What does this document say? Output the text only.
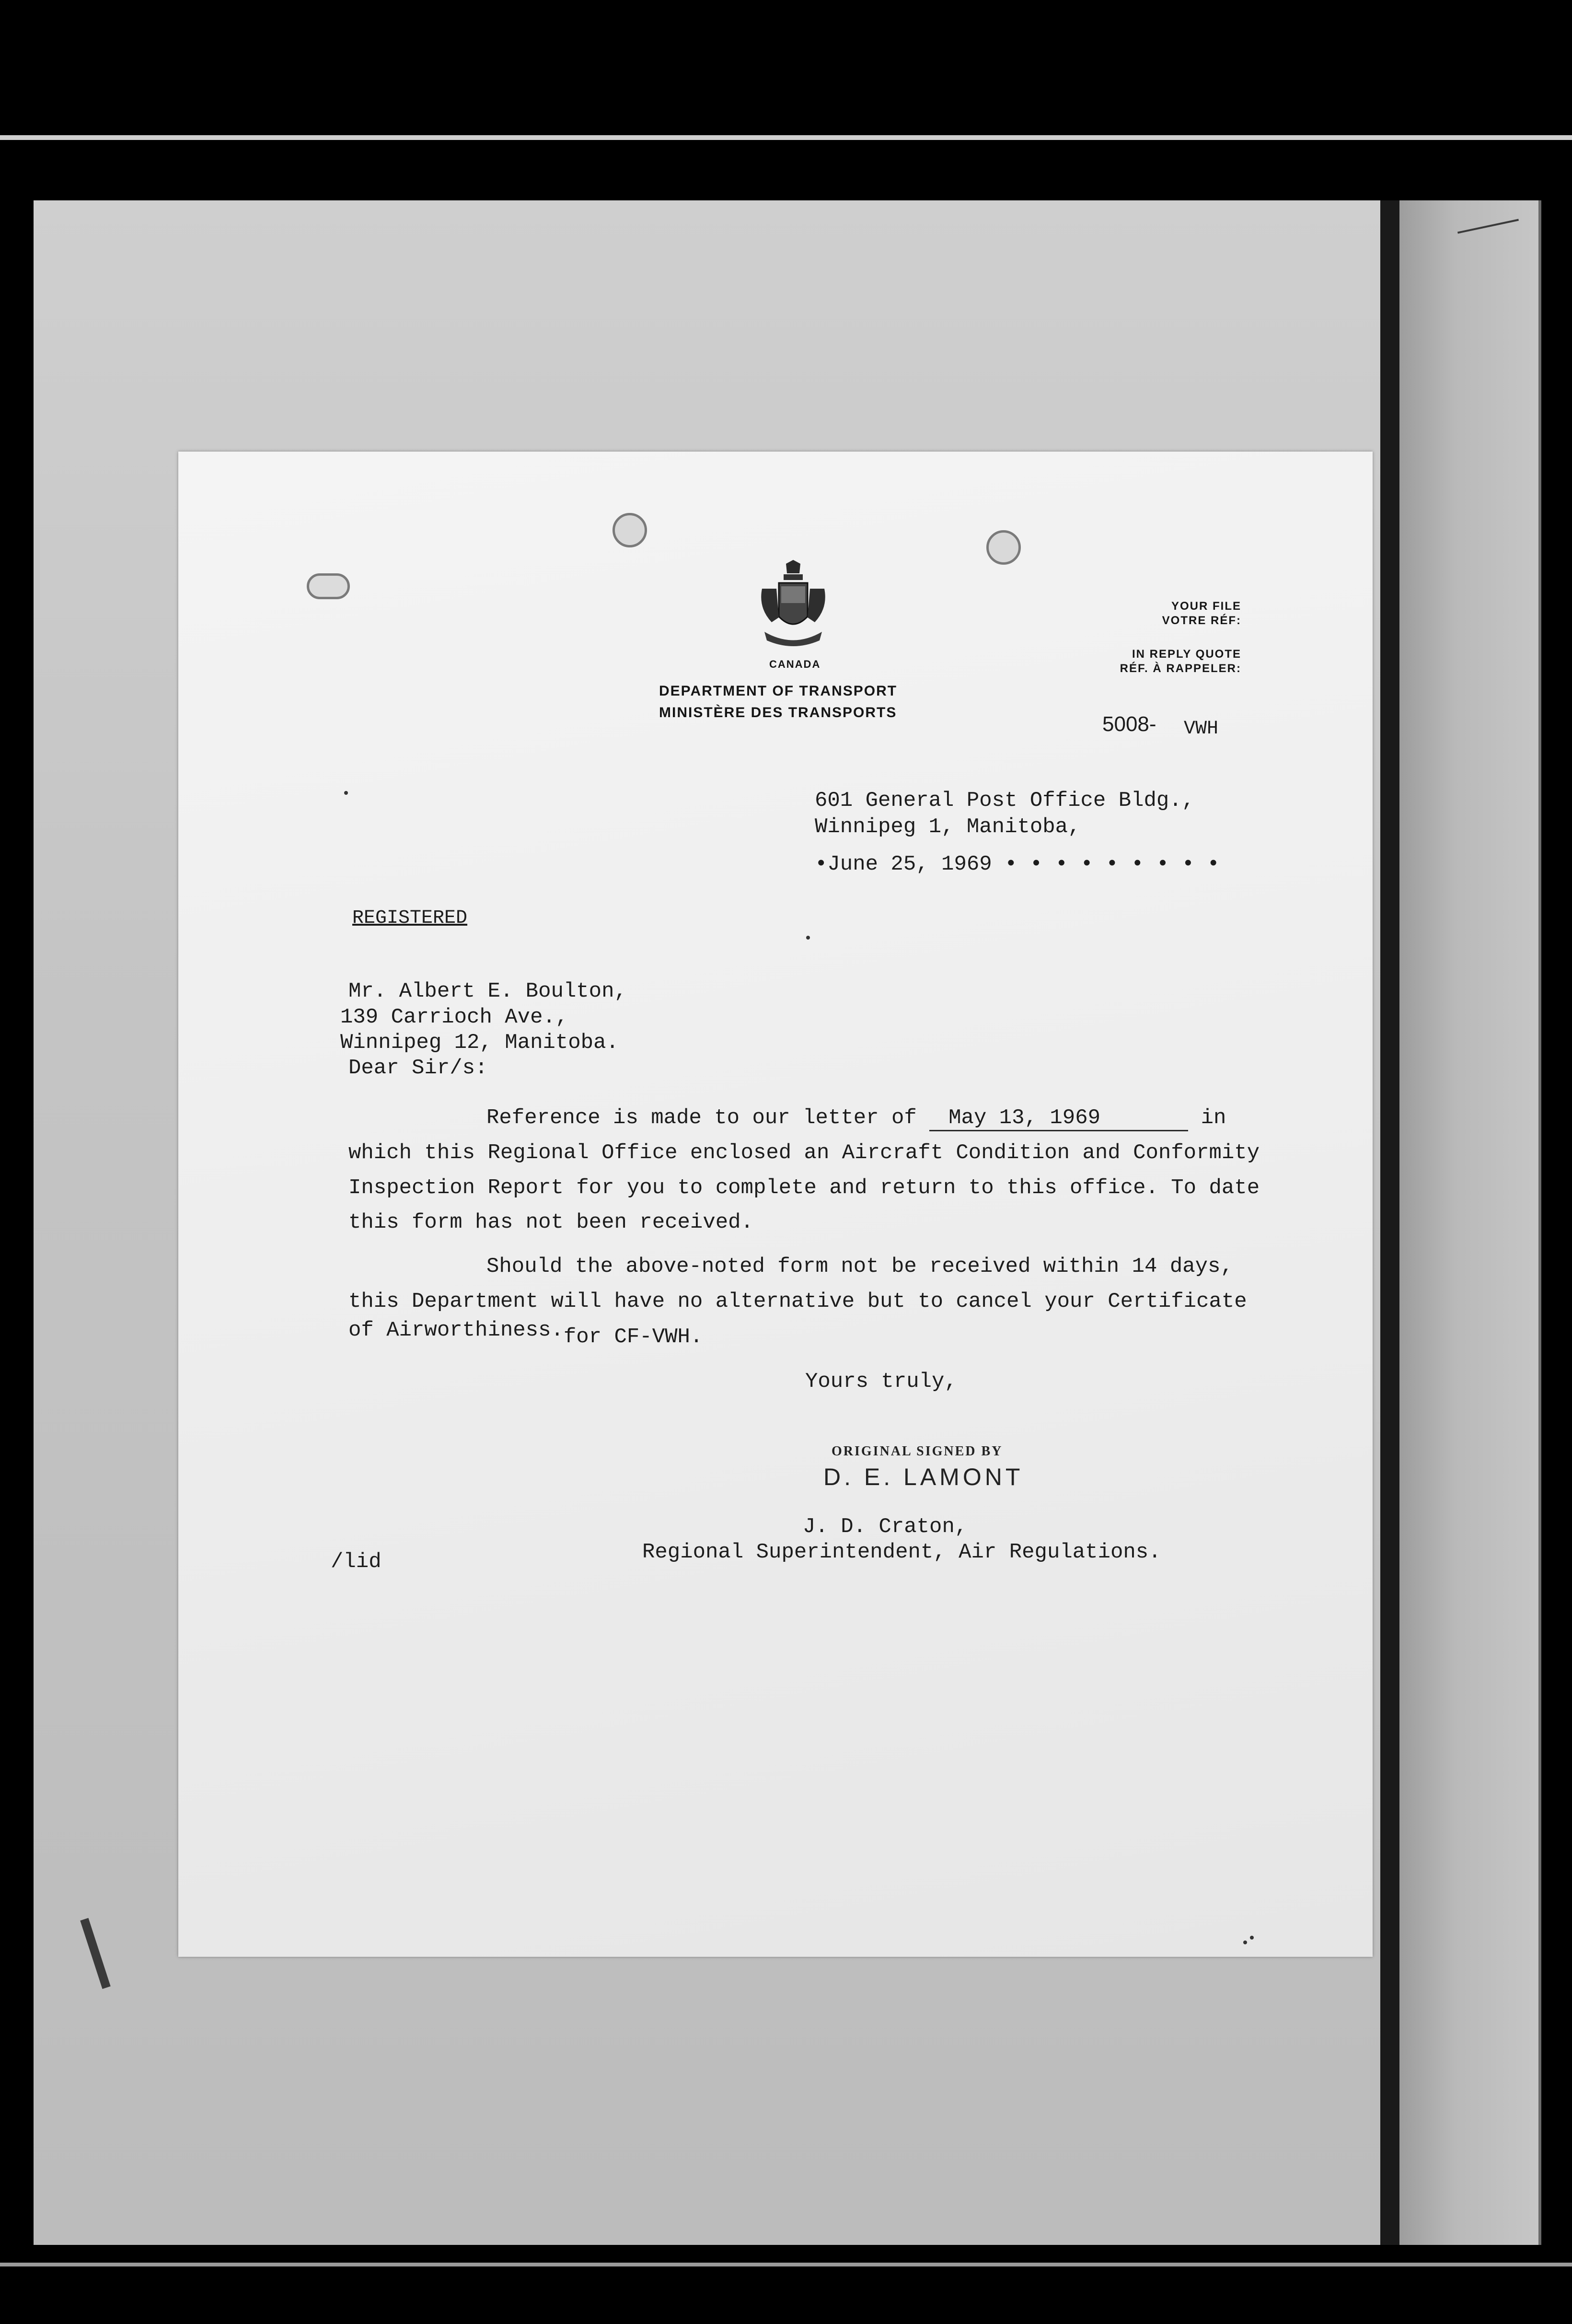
CANADA
DEPARTMENT OF TRANSPORT
MINISTÈRE DES TRANSPORTS
YOUR FILE
VOTRE RÉF:
IN REPLY QUOTE
RÉF. À RAPPELER:
5008- VWH
601 General Post Office Bldg.,
Winnipeg 1, Manitoba,
•June 25, 1969 • • • • • • • • •
REGISTERED
Mr. Albert E. Boulton,
139 Carrioch Ave.,
Winnipeg 12, Manitoba.
Dear Sir/s:
Reference is made to our letter of May 13, 1969	in
which this Regional Office enclosed an Aircraft Condition and Conformity
Inspection Report for you to complete and return to this office. To date
this form has not been received.
Should the above-noted form not be received within 14 days,
this Department will have no alternative but to cancel your Certificate
of Airworthiness.for CF-VWH.
Yours truly,
ORIGINAL SIGNED BY
D. E. LAMONT
J. D. Craton,
Regional Superintendent, Air Regulations.
/lid
